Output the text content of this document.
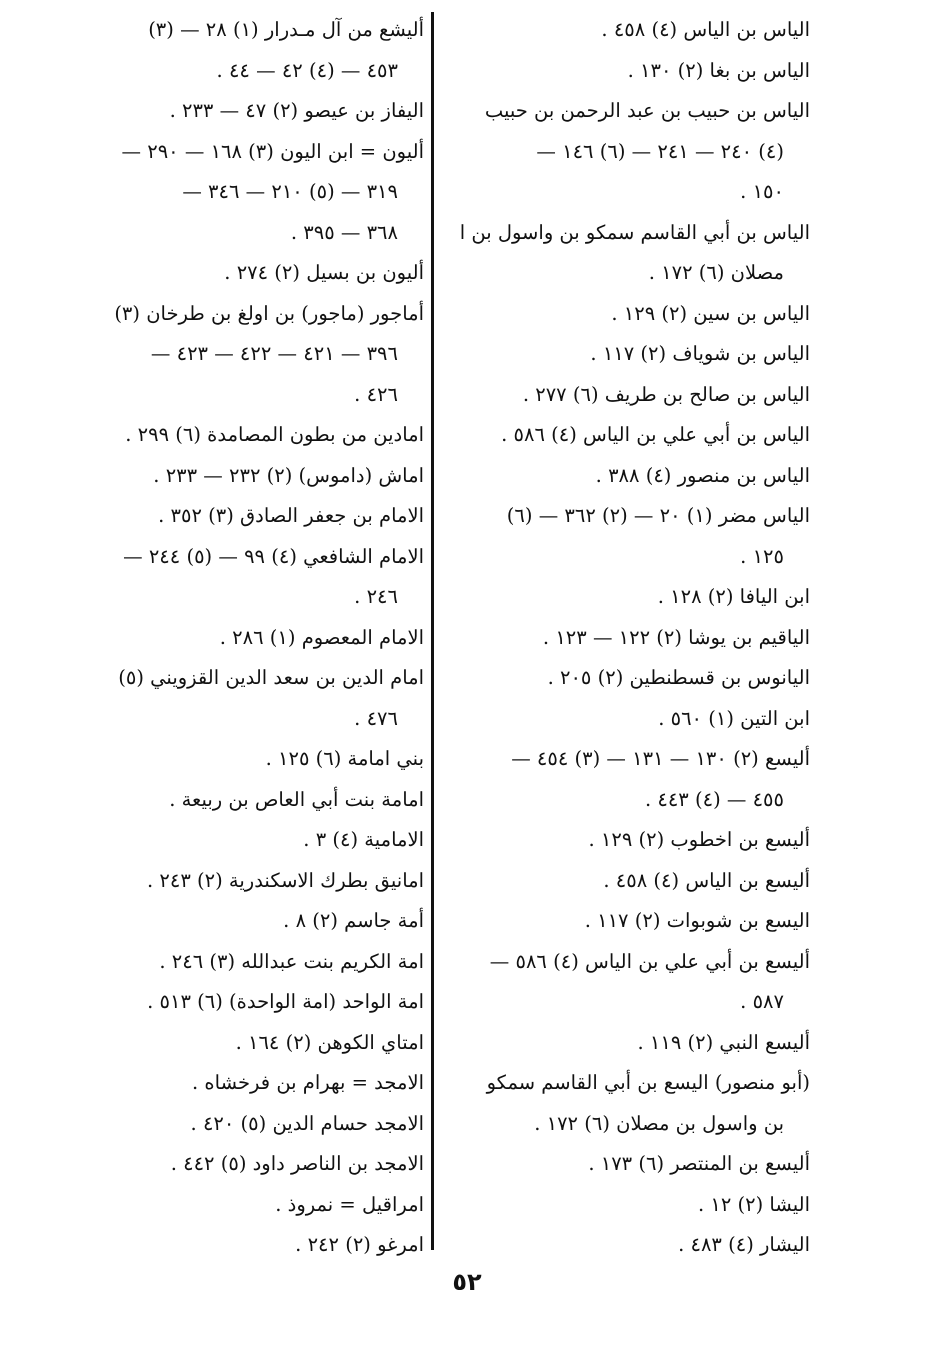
الياس بن الياس (٤) ٤٥٨ .

الياس بن بغا (٢) ١٣٠ .

الياس بن حبيب بن عبد الرحمن بن حبيب
(٤) ٢٤٠ — ٢٤١ — (٦) ١٤٦ —
١٥٠ .

الياس بن أبي القاسم سمكو بن واسول بن ا
مصلان (٦) ١٧٢ .

الياس بن سين (٢) ١٢٩ .

الياس بن شوياف (٢) ١١٧ .

الياس بن صالح بن طريف (٦) ٢٧٧ .

الياس بن أبي علي بن الياس (٤) ٥٨٦ .

الياس بن منصور (٤) ٣٨٨ .

الياس مضر (١) ٢٠ — (٢) ٣٦٢ — (٦)
١٢٥ .

ابن اليافا (٢) ١٢٨ .

الياقيم بن يوشا (٢) ١٢٢ — ١٢٣ .

اليانوس بن قسطنطين (٢) ٢٠٥ .

ابن التين (١) ٥٦٠ .

أليسع (٢) ١٣٠ — ١٣١ — (٣) ٤٥٤ —
٤٥٥ — (٤) ٤٤٣ .

أليسع بن اخطوب (٢) ١٢٩ .

أليسع بن الياس (٤) ٤٥٨ .

اليسع بن شوبوات (٢) ١١٧ .

أليسع بن أبي علي بن الياس (٤) ٥٨٦ —
٥٨٧ .

أليسع النبي (٢) ١١٩ .

(أبو منصور) اليسع بن أبي القاسم سمكو
بن واسول بن مصلان (٦) ١٧٢ .

أليسع بن المنتصر (٦) ١٧٣ .

اليشا (٢) ١٢ .

اليشار (٤) ٤٨٣ .

أليشع من آل مـدرار (١) ٢٨ — (٣)
٤٥٣ — (٤) ٤٢ — ٤٤ .

اليفاز بن عيصو (٢) ٤٧ — ٢٣٣ .

أليون = ابن اليون (٣) ١٦٨ — ٢٩٠ —
٣١٩ — (٥) ٢١٠ — ٣٤٦ —
٣٦٨ — ٣٩٥ .

أليون بن بسيل (٢) ٢٧٤ .

أماجور (ماجور) بن اولغ بن طرخان (٣)
٣٩٦ — ٤٢١ — ٤٢٢ — ٤٢٣ —
٤٢٦ .

امادين من بطون المصامدة (٦) ٢٩٩ .

اماش (داموس) (٢) ٢٣٢ — ٢٣٣ .

الامام بن جعفر الصادق (٣) ٣٥٢ .

الامام الشافعي (٤) ٩٩ — (٥) ٢٤٤ —
٢٤٦ .

الامام المعصوم (١) ٢٨٦ .

امام الدين بن سعد الدين القزويني (٥)
٤٧٦ .

بني امامة (٦) ١٢٥ .

امامة بنت أبي العاص بن ربيعة .

الامامية (٤) ٣ .

امانيق بطرك الاسكندرية (٢) ٢٤٣ .

أمة جاسم (٢) ٨ .

امة الكريم بنت عبدالله (٣) ٢٤٦ .

امة الواحد (امة الواحدة) (٦) ٥١٣ .

امتاي الكوهن (٢) ١٦٤ .

الامجد = بهرام بن فرخشاه .

الامجد حسام الدين (٥) ٤٢٠ .

الامجد بن الناصر داود (٥) ٤٤٢ .

امراقيل = نمروذ .

امرغو (٢) ٢٤٢ .

٥٢
